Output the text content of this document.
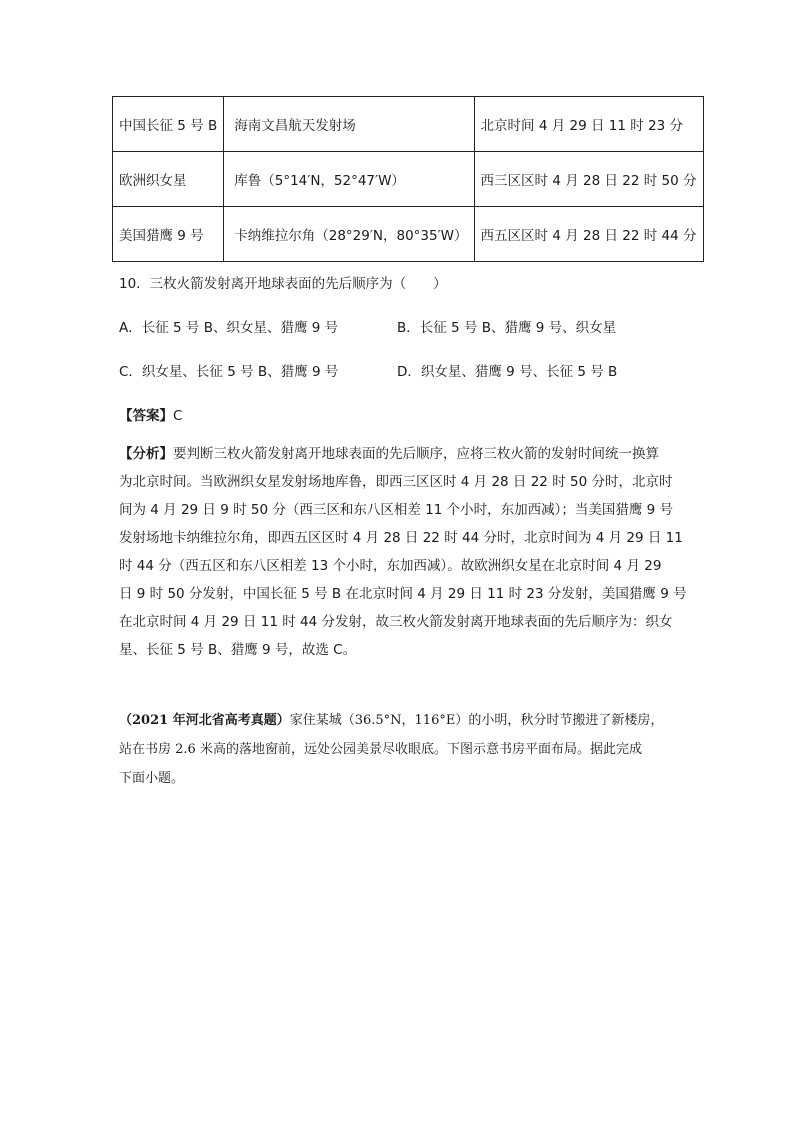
中国长征 5 号 B	海南文昌航天发射场	北京时间 4 月 29 日 11 时 23 分
欧洲织女星	库鲁（5°14′N，52°47′W）	西三区区时 4 月 28 日 22 时 50 分
美国猎鹰 9 号	卡纳维拉尔角（28°29′N，80°35′W）	西五区区时 4 月 28 日 22 时 44 分
10．三枚火箭发射离开地球表面的先后顺序为（　　）
A．长征 5 号 B、织女星、猎鹰 9 号	B．长征 5 号 B、猎鹰 9 号、织女星
C．织女星、长征 5 号 B、猎鹰 9 号	D．织女星、猎鹰 9 号、长征 5 号 B
【答案】C

【分析】要判断三枚火箭发射离开地球表面的先后顺序，应将三枚火箭的发射时间统一换算

为北京时间。当欧洲织女星发射场地库鲁，即西三区区时 4 月 28 日 22 时 50 分时，北京时

间为 4 月 29 日 9 时 50 分（西三区和东八区相差 11 个小时，东加西减）；当美国猎鹰 9 号

发射场地卡纳维拉尔角，即西五区区时 4 月 28 日 22 时 44 分时，北京时间为 4 月 29 日 11

时 44 分（西五区和东八区相差 13 个小时，东加西减）。故欧洲织女星在北京时间 4 月 29

日 9 时 50 分发射，中国长征 5 号 B 在北京时间 4 月 29 日 11 时 23 分发射，美国猎鹰 9 号

在北京时间 4 月 29 日 11 时 44 分发射，故三枚火箭发射离开地球表面的先后顺序为：织女

星、长征 5 号 B、猎鹰 9 号，故选 C。

（2021 年河北省高考真题）家住某城（36.5°N，116°E）的小明，秋分时节搬进了新楼房，

站在书房 2.6 米高的落地窗前，远处公园美景尽收眼底。下图示意书房平面布局。据此完成

下面小题。
